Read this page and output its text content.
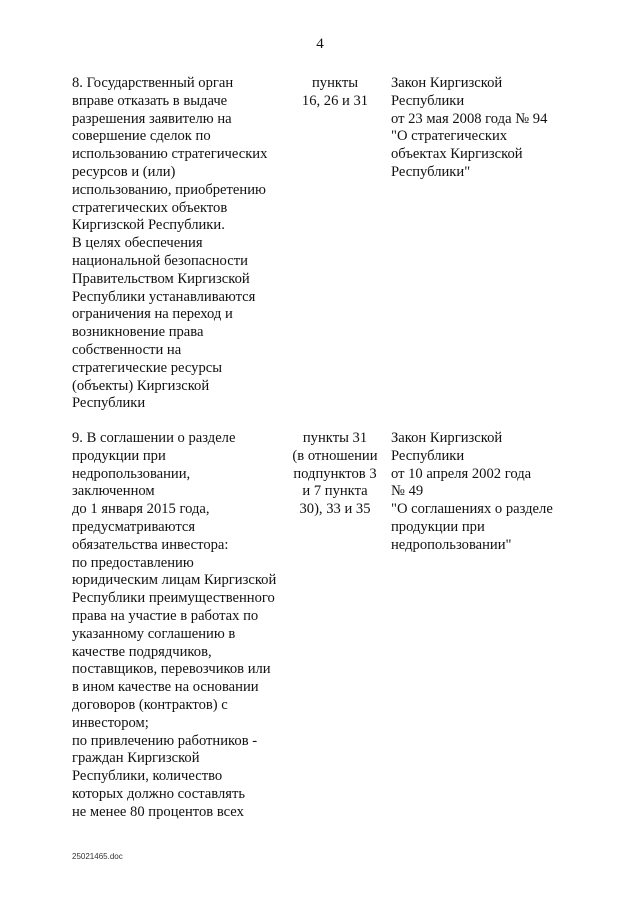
4
8. Государственный орган
вправе отказать в выдаче
разрешения заявителю на
совершение сделок по
использованию стратегических
ресурсов и (или)
использованию, приобретению
стратегических объектов
Киргизской Республики.
В целях обеспечения
национальной безопасности
Правительством Киргизской
Республики устанавливаются
ограничения на переход и
возникновение права
собственности на
стратегические ресурсы
(объекты) Киргизской
Республики
пункты
16, 26 и 31
Закон Киргизской
Республики
от 23 мая 2008 года № 94
"О стратегических
объектах Киргизской
Республики"
9. В соглашении о разделе
продукции при
недропользовании,
заключенном
до 1 января 2015 года,
предусматриваются
обязательства инвестора:
по предоставлению
юридическим лицам Киргизской
Республики преимущественного
права на участие в работах по
указанному соглашению в
качестве подрядчиков,
поставщиков, перевозчиков или
в ином качестве на основании
договоров (контрактов) с
инвестором;
по привлечению работников -
граждан Киргизской
Республики, количество
которых должно составлять
не менее 80 процентов всех
пункты 31
(в отношении
подпунктов 3
и 7 пункта
30), 33 и 35
Закон Киргизской
Республики
от 10 апреля 2002 года
№ 49
"О соглашениях о разделе
продукции при
недропользовании"
25021465.doc
